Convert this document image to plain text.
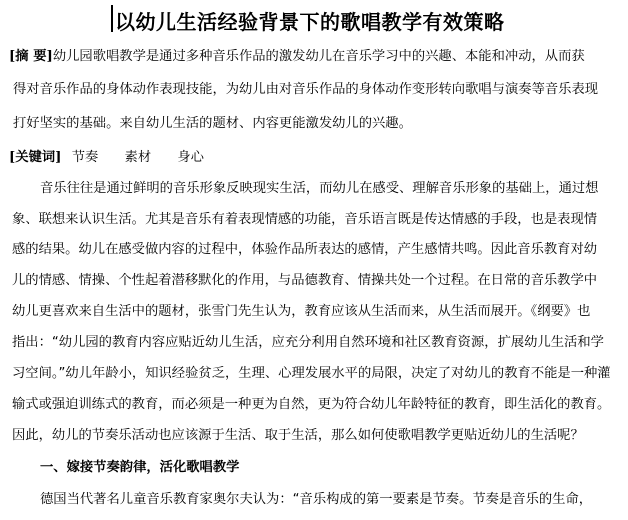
以幼儿生活经验背景下的歌唱教学有效策略
[摘 要]幼儿园歌唱教学是通过多种音乐作品的激发幼儿在音乐学习中的兴趣、本能和冲动，从而获
得对音乐作品的身体动作表现技能，为幼儿由对音乐作品的身体动作变形转向歌唱与演奏等音乐表现
打好坚实的基础。来自幼儿生活的题材、内容更能激发幼儿的兴趣。
[关键词] 节奏 素材 身心
音乐往往是通过鲜明的音乐形象反映现实生活，而幼儿在感受、理解音乐形象的基础上，通过想
象、联想来认识生活。尤其是音乐有着表现情感的功能，音乐语言既是传达情感的手段，也是表现情
感的结果。幼儿在感受做内容的过程中，体验作品所表达的感情，产生感情共鸣。因此音乐教育对幼
儿的情感、情操、个性起着潜移默化的作用，与品德教育、情操共处一个过程。在日常的音乐教学中
幼儿更喜欢来自生活中的题材，张雪门先生认为，教育应该从生活而来，从生活而展开。《纲要》也
指出：“幼儿园的教育内容应贴近幼儿生活，应充分利用自然环境和社区教育资源，扩展幼儿生活和学
习空间。”幼儿年龄小，知识经验贫乏，生理、心理发展水平的局限，决定了对幼儿的教育不能是一种灌
输式或强迫训练式的教育，而必须是一种更为自然，更为符合幼儿年龄特征的教育，即生活化的教育。
因此，幼儿的节奏乐活动也应该源于生活、取于生活，那么如何使歌唱教学更贴近幼儿的生活呢？
一、嫁接节奏韵律，活化歌唱教学
德国当代著名儿童音乐教育家奥尔夫认为：“音乐构成的第一要素是节奏。节奏是音乐的生命，
